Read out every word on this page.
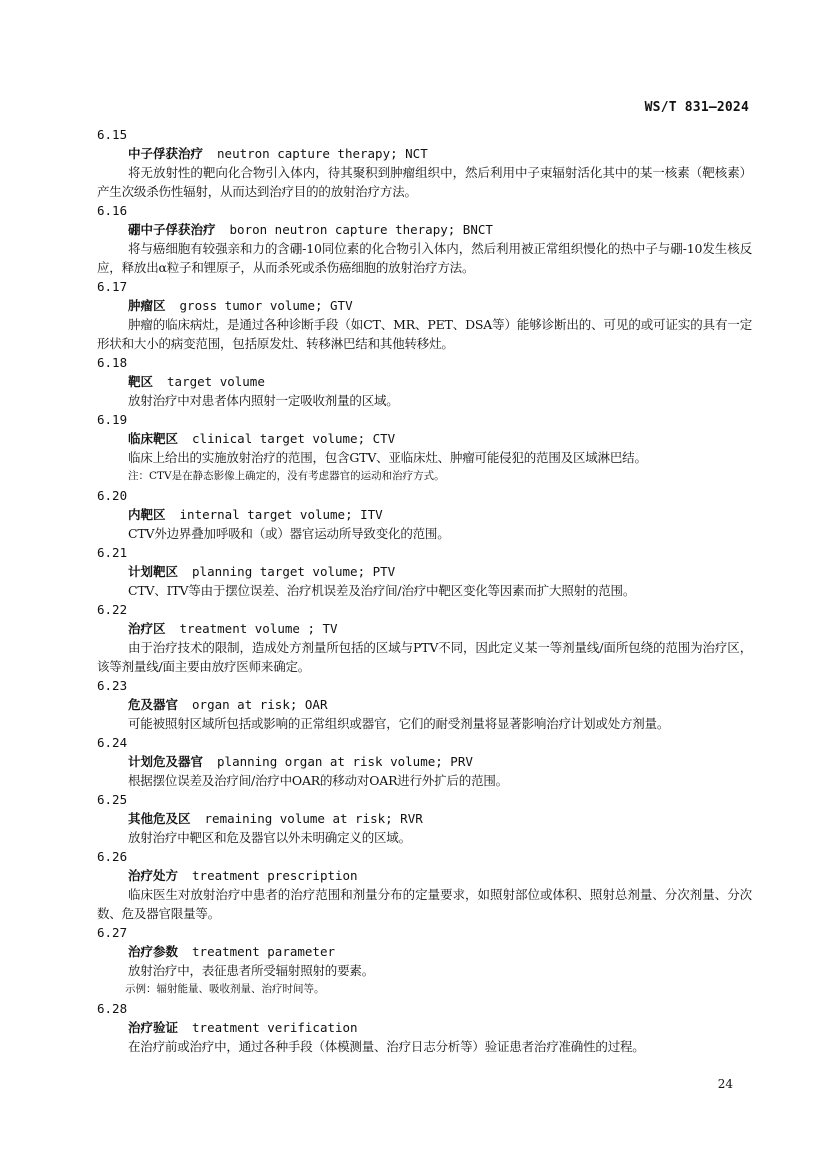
WS/T 831—2024
6.15
中子俘获治疗 neutron capture therapy; NCT
将无放射性的靶向化合物引入体内，待其聚积到肿瘤组织中，然后利用中子束辐射活化其中的某一核素（靶核素）产生次级杀伤性辐射，从而达到治疗目的的放射治疗方法。
6.16
硼中子俘获治疗 boron neutron capture therapy; BNCT
将与癌细胞有较强亲和力的含硼-10同位素的化合物引入体内，然后利用被正常组织慢化的热中子与硼-10发生核反应，释放出α粒子和锂原子，从而杀死或杀伤癌细胞的放射治疗方法。
6.17
肿瘤区 gross tumor volume; GTV
肿瘤的临床病灶，是通过各种诊断手段（如CT、MR、PET、DSA等）能够诊断出的、可见的或可证实的具有一定形状和大小的病变范围，包括原发灶、转移淋巴结和其他转移灶。
6.18
靶区 target volume
放射治疗中对患者体内照射一定吸收剂量的区域。
6.19
临床靶区 clinical target volume; CTV
临床上给出的实施放射治疗的范围，包含GTV、亚临床灶、肿瘤可能侵犯的范围及区域淋巴结。
注：CTV是在静态影像上确定的，没有考虑器官的运动和治疗方式。
6.20
内靶区 internal target volume; ITV
CTV外边界叠加呼吸和（或）器官运动所导致变化的范围。
6.21
计划靶区 planning target volume; PTV
CTV、ITV等由于摆位误差、治疗机误差及治疗间/治疗中靶区变化等因素而扩大照射的范围。
6.22
治疗区 treatment volume ; TV
由于治疗技术的限制，造成处方剂量所包括的区域与PTV不同，因此定义某一等剂量线/面所包绕的范围为治疗区，该等剂量线/面主要由放疗医师来确定。
6.23
危及器官 organ at risk; OAR
可能被照射区域所包括或影响的正常组织或器官，它们的耐受剂量将显著影响治疗计划或处方剂量。
6.24
计划危及器官 planning organ at risk volume; PRV
根据摆位误差及治疗间/治疗中OAR的移动对OAR进行外扩后的范围。
6.25
其他危及区 remaining volume at risk; RVR
放射治疗中靶区和危及器官以外未明确定义的区域。
6.26
治疗处方 treatment prescription
临床医生对放射治疗中患者的治疗范围和剂量分布的定量要求，如照射部位或体积、照射总剂量、分次剂量、分次数、危及器官限量等。
6.27
治疗参数 treatment parameter
放射治疗中，表征患者所受辐射照射的要素。
示例：辐射能量、吸收剂量、治疗时间等。
6.28
治疗验证 treatment verification
在治疗前或治疗中，通过各种手段（体模测量、治疗日志分析等）验证患者治疗准确性的过程。
24
